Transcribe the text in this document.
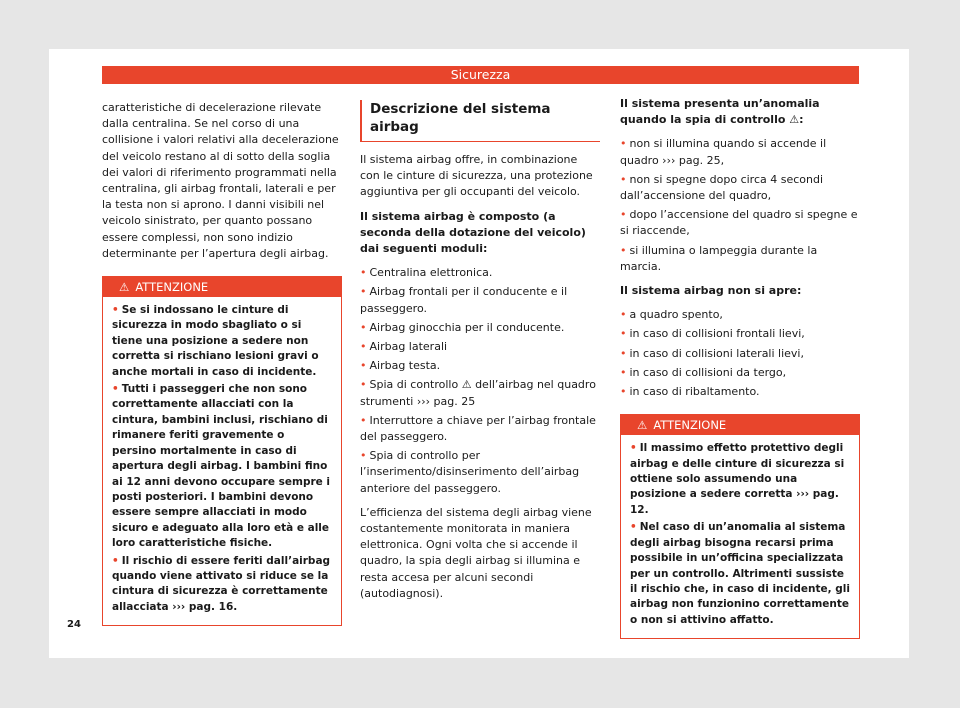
Sicurezza

caratteristiche di decelerazione rilevate dalla centralina. Se nel corso di una collisione i valori relativi alla decelerazione del veicolo restano al di sotto della soglia dei valori di riferimento programmati nella centralina, gli airbag frontali, laterali e per la testa non si aprono. I danni visibili nel veicolo sinistrato, per quanto possano essere complessi, non sono indizio determinante per l’apertura degli airbag.

⚠ ATTENZIONE
• Se si indossano le cinture di sicurezza in modo sbagliato o si tiene una posizione a sedere non corretta si rischiano lesioni gravi o anche mortali in caso di incidente.
• Tutti i passeggeri che non sono correttamente allacciati con la cintura, bambini inclusi, rischiano di rimanere feriti gravemente o persino mortalmente in caso di apertura degli airbag. I bambini fino ai 12 anni devono occupare sempre i posti posteriori. I bambini devono essere sempre allacciati in modo sicuro e adeguato alla loro età e alle loro caratteristiche fisiche.
• Il rischio di essere feriti dall’airbag quando viene attivato si riduce se la cintura di sicurezza è correttamente allacciata ››› pag. 16.
Descrizione del sistema airbag

Il sistema airbag offre, in combinazione con le cinture di sicurezza, una protezione aggiuntiva per gli occupanti del veicolo.

Il sistema airbag è composto (a seconda della dotazione del veicolo) dai seguenti moduli:

• Centralina elettronica.
• Airbag frontali per il conducente e il passeggero.
• Airbag ginocchia per il conducente.
• Airbag laterali
• Airbag testa.
• Spia di controllo ⚠ dell’airbag nel quadro strumenti ››› pag. 25
• Interruttore a chiave per l’airbag frontale del passeggero.
• Spia di controllo per l’inserimento/disinserimento dell’airbag anteriore del passeggero.

L’efficienza del sistema degli airbag viene costantemente monitorata in maniera elettronica. Ogni volta che si accende il quadro, la spia degli airbag si illumina e resta accesa per alcuni secondi (autodiagnosi).

Il sistema presenta un’anomalia quando la spia di controllo ⚠:

• non si illumina quando si accende il quadro ››› pag. 25,
• non si spegne dopo circa 4 secondi dall’accensione del quadro,
• dopo l’accensione del quadro si spegne e si riaccende,
• si illumina o lampeggia durante la marcia.

Il sistema airbag non si apre:

• a quadro spento,
• in caso di collisioni frontali lievi,
• in caso di collisioni laterali lievi,
• in caso di collisioni da tergo,
• in caso di ribaltamento.
⚠ ATTENZIONE
• Il massimo effetto protettivo degli airbag e delle cinture di sicurezza si ottiene solo assumendo una posizione a sedere corretta ››› pag. 12.
• Nel caso di un’anomalia al sistema degli airbag bisogna recarsi prima possibile in un’officina specializzata per un controllo. Altrimenti sussiste il rischio che, in caso di incidente, gli airbag non funzionino correttamente o non si attivino affatto.
24
